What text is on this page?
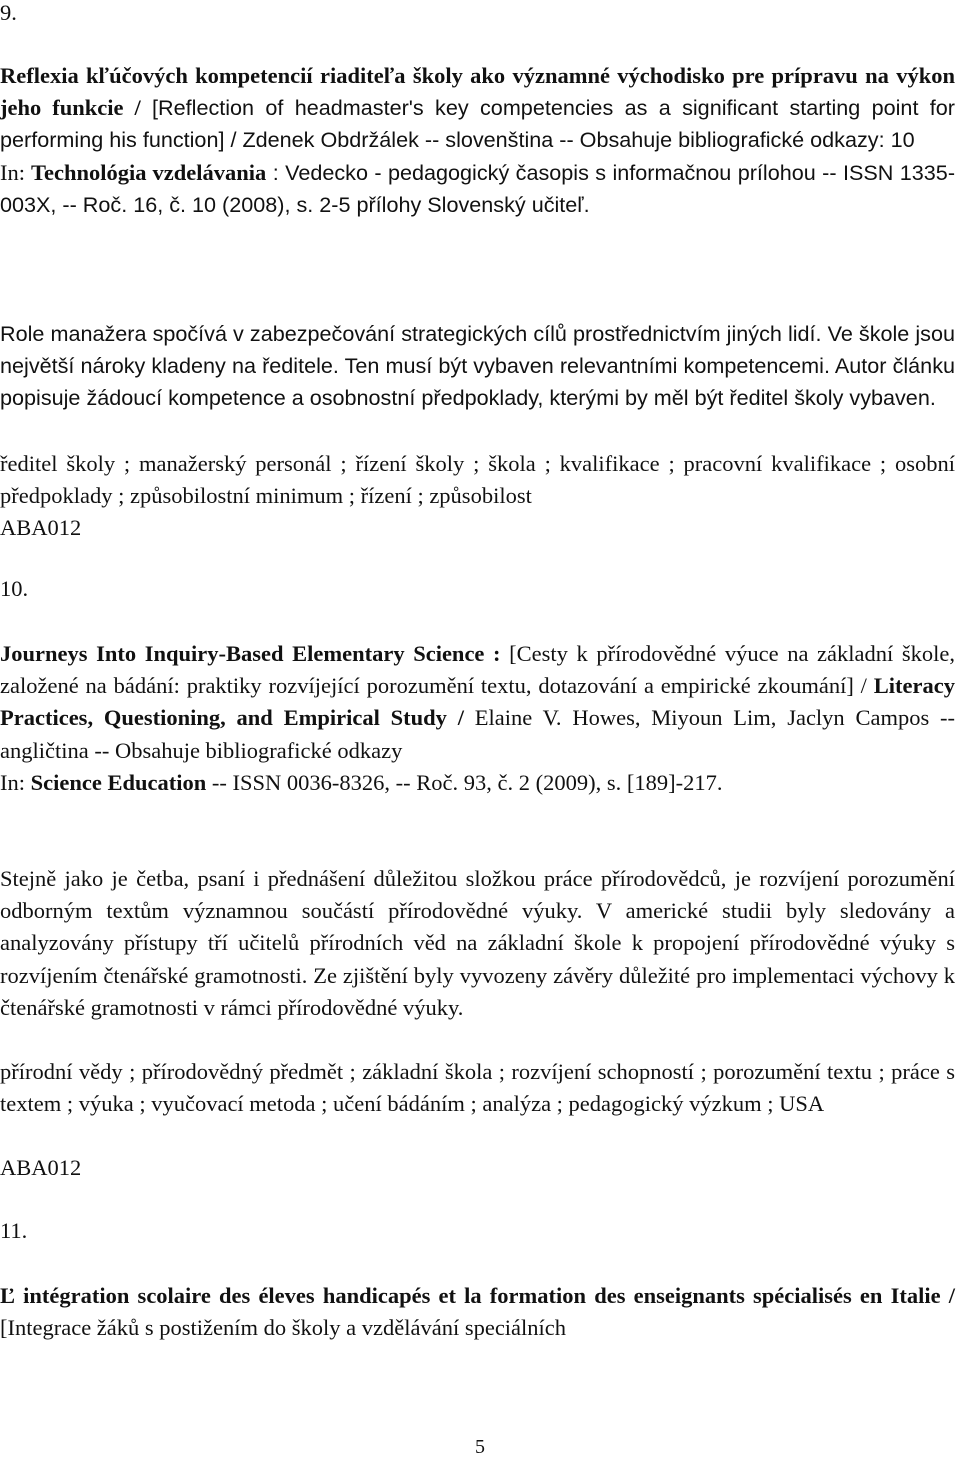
9.
Reflexia kľúčových kompetencií riaditeľa školy ako významné východisko pre prípravu na výkon jeho funkcie / [Reflection of headmaster's key competencies as a significant starting point for performing his function] / Zdenek Obdržálek -- slovenština -- Obsahuje bibliografické odkazy: 10
In: Technológia vzdelávania : Vedecko - pedagogický časopis s informačnou prílohou -- ISSN 1335-003X, -- Roč. 16, č. 10 (2008), s. 2-5 přílohy Slovenský učiteľ.
Role manažera spočívá v zabezpečování strategických cílů prostřednictvím jiných lidí. Ve škole jsou největší nároky kladeny na ředitele. Ten musí být vybaven relevantními kompetencemi. Autor článku popisuje žádoucí kompetence a osobnostní předpoklady, kterými by měl být ředitel školy vybaven.
ředitel školy ; manažerský personál ; řízení školy ; škola ; kvalifikace ; pracovní kvalifikace ; osobní předpoklady ; způsobilostní minimum ; řízení ; způsobilost
ABA012
10.
Journeys Into Inquiry-Based Elementary Science : [Cesty k přírodovědné výuce na základní škole, založené na bádání: praktiky rozvíjející porozumění textu, dotazování a empirické zkoumání] / Literacy Practices, Questioning, and Empirical Study / Elaine V. Howes, Miyoun Lim, Jaclyn Campos -- angličtina -- Obsahuje bibliografické odkazy
In: Science Education -- ISSN 0036-8326, -- Roč. 93, č. 2 (2009), s. [189]-217.
Stejně jako je četba, psaní i přednášení důležitou složkou práce přírodovědců, je rozvíjení porozumění odborným textům významnou součástí přírodovědné výuky. V americké studii byly sledovány a analyzovány přístupy tří učitelů přírodních věd na základní škole k propojení přírodovědné výuky s rozvíjením čtenářské gramotnosti. Ze zjištění byly vyvozeny závěry důležité pro implementaci výchovy k čtenářské gramotnosti v rámci přírodovědné výuky.
přírodní vědy ; přírodovědný předmět ; základní škola ; rozvíjení schopností ; porozumění textu ; práce s textem ; výuka ; vyučovací metoda ; učení bádáním ; analýza ; pedagogický výzkum ; USA
ABA012
11.
Ľ intégration scolaire des éleves handicapés et la formation des enseignants spécialisés en Italie / [Integrace žáků s postižením do školy a vzdělávání speciálních
5
